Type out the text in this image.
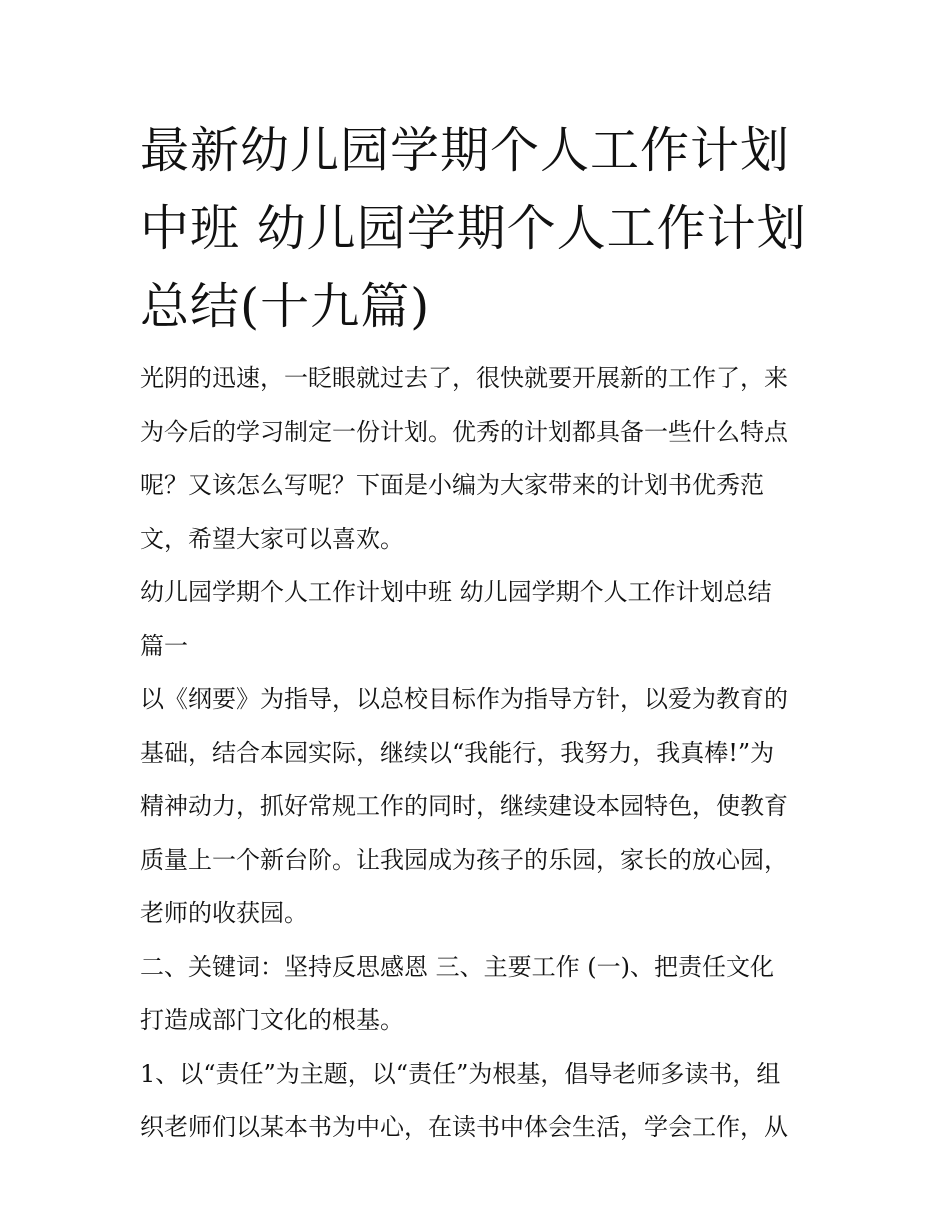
最新幼儿园学期个人工作计划
中班 幼儿园学期个人工作计划
总结(十九篇)

光阴的迅速，一眨眼就过去了，很快就要开展新的工作了，来
为今后的学习制定一份计划。优秀的计划都具备一些什么特点
呢？又该怎么写呢？下面是小编为大家带来的计划书优秀范
文，希望大家可以喜欢。

幼儿园学期个人工作计划中班 幼儿园学期个人工作计划总结
篇一

以《纲要》为指导，以总校目标作为指导方针，以爱为教育的
基础，结合本园实际，继续以“我能行，我努力，我真棒!”为
精神动力，抓好常规工作的同时，继续建设本园特色，使教育
质量上一个新台阶。让我园成为孩子的乐园，家长的放心园，
老师的收获园。

二、关键词：坚持反思感恩 三、主要工作 (一)、把责任文化
打造成部门文化的根基。

1、以“责任”为主题，以“责任”为根基，倡导老师多读书，组
织老师们以某本书为中心，在读书中体会生活，学会工作，从
